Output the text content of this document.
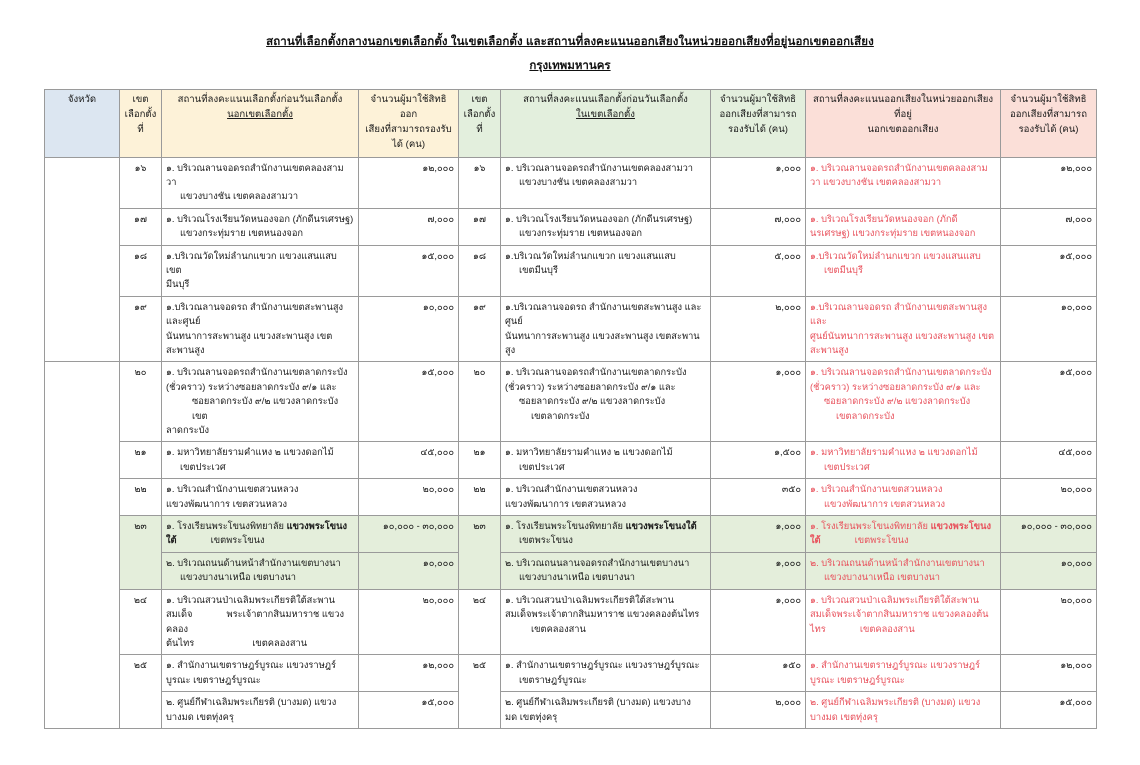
สถานที่เลือกตั้งกลางนอกเขตเลือกตั้ง ในเขตเลือกตั้ง และสถานที่ลงคะแนนออกเสียงในหน่วยออกเสียงที่อยู่นอกเขตออกเสียง
กรุงเทพมหานคร
จังหวัด	เขต
เลือกตั้ง
ที่	สถานที่ลงคะแนนเลือกตั้งก่อนวันเลือกตั้ง
นอกเขตเลือกตั้ง	จำนวนผู้มาใช้สิทธิออก
เสียงที่สามารถรองรับ
ได้ (คน)	เขต
เลือกตั้ง
ที่	สถานที่ลงคะแนนเลือกตั้งก่อนวันเลือกตั้ง
ในเขตเลือกตั้ง	จำนวนผู้มาใช้สิทธิ
ออกเสียงที่สามารถ
รองรับได้ (คน)	สถานที่ลงคะแนนออกเสียงในหน่วยออกเสียง
ที่อยู่
นอกเขตออกเสียง	จำนวนผู้มาใช้สิทธิ
ออกเสียงที่สามารถ
รองรับได้ (คน)

	๑๖	๑. บริเวณลานจอดรถสำนักงานเขตคลองสามวา
แขวงบางชัน เขตคลองสามวา	๑๒,๐๐๐	๑๖	๑. บริเวณลานจอดรถสำนักงานเขตคลองสามวา
แขวงบางชัน เขตคลองสามวา	๑,๐๐๐	๑. บริเวณลานจอดรถสำนักงานเขตคลองสาม
วา แขวงบางชัน เขตคลองสามวา	๑๒,๐๐๐
	๑๗	๑. บริเวณโรงเรียนวัดหนองจอก (ภักดีนรเศรษฐ)
แขวงกระทุ่มราย เขตหนองจอก	๗,๐๐๐	๑๗	๑. บริเวณโรงเรียนวัดหนองจอก (ภักดีนรเศรษฐ)
แขวงกระทุ่มราย เขตหนองจอก	๗,๐๐๐	๑. บริเวณโรงเรียนวัดหนองจอก (ภักดี
นรเศรษฐ) แขวงกระทุ่มราย เขตหนองจอก	๗,๐๐๐
	๑๘	๑.บริเวณวัดใหม่ลำนกแขวก แขวงแสนแสบ เขต
มีนบุรี	๑๕,๐๐๐	๑๘	๑.บริเวณวัดใหม่ลำนกแขวก แขวงแสนแสบ
เขตมีนบุรี	๕,๐๐๐	๑.บริเวณวัดใหม่ลำนกแขวก แขวงแสนแสบ
เขตมีนบุรี	๑๕,๐๐๐
	๑๙	๑.บริเวณลานจอดรถ สำนักงานเขตสะพานสูง และศูนย์
นันทนาการสะพานสูง แขวงสะพานสูง เขตสะพานสูง	๑๐,๐๐๐	๑๙	๑.บริเวณลานจอดรถ สำนักงานเขตสะพานสูง และศูนย์
นันทนาการสะพานสูง แขวงสะพานสูง เขตสะพานสูง	๒,๐๐๐	๑.บริเวณลานจอดรถ สำนักงานเขตสะพานสูง และ
ศูนย์นันทนาการสะพานสูง แขวงสะพานสูง เขต
สะพานสูง	๑๐,๐๐๐
	๒๐	๑. บริเวณลานจอดรถสำนักงานเขตลาดกระบัง
(ชั่วคราว) ระหว่างซอยลาดกระบัง ๙/๑ และ
ซอยลาดกระบัง ๙/๒ แขวงลาดกระบัง เขต
ลาดกระบัง	๑๕,๐๐๐	๒๐	๑. บริเวณลานจอดรถสำนักงานเขตลาดกระบัง
(ชั่วคราว) ระหว่างซอยลาดกระบัง ๙/๑ และ
ซอยลาดกระบัง ๙/๒ แขวงลาดกระบัง
เขตลาดกระบัง	๑,๐๐๐	๑. บริเวณลานจอดรถสำนักงานเขตลาดกระบัง
(ชั่วคราว) ระหว่างซอยลาดกระบัง ๙/๑ และ
ซอยลาดกระบัง ๙/๒ แขวงลาดกระบัง
เขตลาดกระบัง	๑๕,๐๐๐
	๒๑	๑. มหาวิทยาลัยรามคำแหง ๒ แขวงดอกไม้
เขตประเวศ	๔๕,๐๐๐	๒๑	๑. มหาวิทยาลัยรามคำแหง ๒ แขวงดอกไม้
เขตประเวศ	๑,๕๐๐	๑. มหาวิทยาลัยรามคำแหง ๒ แขวงดอกไม้
เขตประเวศ	๔๕,๐๐๐
	๒๒	๑. บริเวณสำนักงานเขตสวนหลวง
แขวงพัฒนาการ เขตสวนหลวง	๒๐,๐๐๐	๒๒	๑. บริเวณสำนักงานเขตสวนหลวง
แขวงพัฒนาการ เขตสวนหลวง	๓๕๐	๑. บริเวณสำนักงานเขตสวนหลวง
แขวงพัฒนาการ เขตสวนหลวง	๒๐,๐๐๐
	๒๓	๑. โรงเรียนพระโขนงพิทยาลัย แขวงพระโขนง
ใต้ เขตพระโขนง	๑๐,๐๐๐ - ๓๐,๐๐๐	๒๓	๑. โรงเรียนพระโขนงพิทยาลัย แขวงพระโขนงใต้
เขตพระโขนง	๑,๐๐๐	๑. โรงเรียนพระโขนงพิทยาลัย แขวงพระโขนง
ใต้ เขตพระโขนง	๑๐,๐๐๐ - ๓๐,๐๐๐

		๒. บริเวณถนนด้านหน้าสำนักงานเขตบางนา
แขวงบางนาเหนือ เขตบางนา	๑๐,๐๐๐		๒. บริเวณถนนลานจอดรถสำนักงานเขตบางนา
แขวงบางนาเหนือ เขตบางนา	๑,๐๐๐	๒. บริเวณถนนด้านหน้าสำนักงานเขตบางนา
แขวงบางนาเหนือ เขตบางนา	๑๐,๐๐๐
	๒๔	๑. บริเวณสวนป่าเฉลิมพระเกียรติใต้สะพาน
สมเด็จ พระเจ้าตากสินมหาราช แขวงคลอง
ต้นไทร เขตคลองสาน	๒๐,๐๐๐	๒๔	๑. บริเวณสวนป่าเฉลิมพระเกียรติใต้สะพาน
สมเด็จพระเจ้าตากสินมหาราช แขวงคลองต้นไทร
เขตคลองสาน	๑,๐๐๐	๑. บริเวณสวนป่าเฉลิมพระเกียรติใต้สะพาน
สมเด็จพระเจ้าตากสินมหาราช แขวงคลองต้น
ไทร เขตคลองสาน	๒๐,๐๐๐
	๒๕	๑. สำนักงานเขตราษฎร์บูรณะ แขวงราษฎร์
บูรณะ เขตราษฎร์บูรณะ	๑๒,๐๐๐	๒๕	๑. สำนักงานเขตราษฎร์บูรณะ แขวงราษฎร์บูรณะ
เขตราษฎร์บูรณะ	๑๕๐	๑. สำนักงานเขตราษฎร์บูรณะ แขวงราษฎร์
บูรณะ เขตราษฎร์บูรณะ	๑๒,๐๐๐

		๒. ศูนย์กีฬาเฉลิมพระเกียรติ (บางมด) แขวง
บางมด เขตทุ่งครุ	๑๕,๐๐๐		๒. ศูนย์กีฬาเฉลิมพระเกียรติ (บางมด) แขวงบาง
มด เขตทุ่งครุ	๒,๐๐๐	๒. ศูนย์กีฬาเฉลิมพระเกียรติ (บางมด) แขวง
บางมด เขตทุ่งครุ	๑๕,๐๐๐
